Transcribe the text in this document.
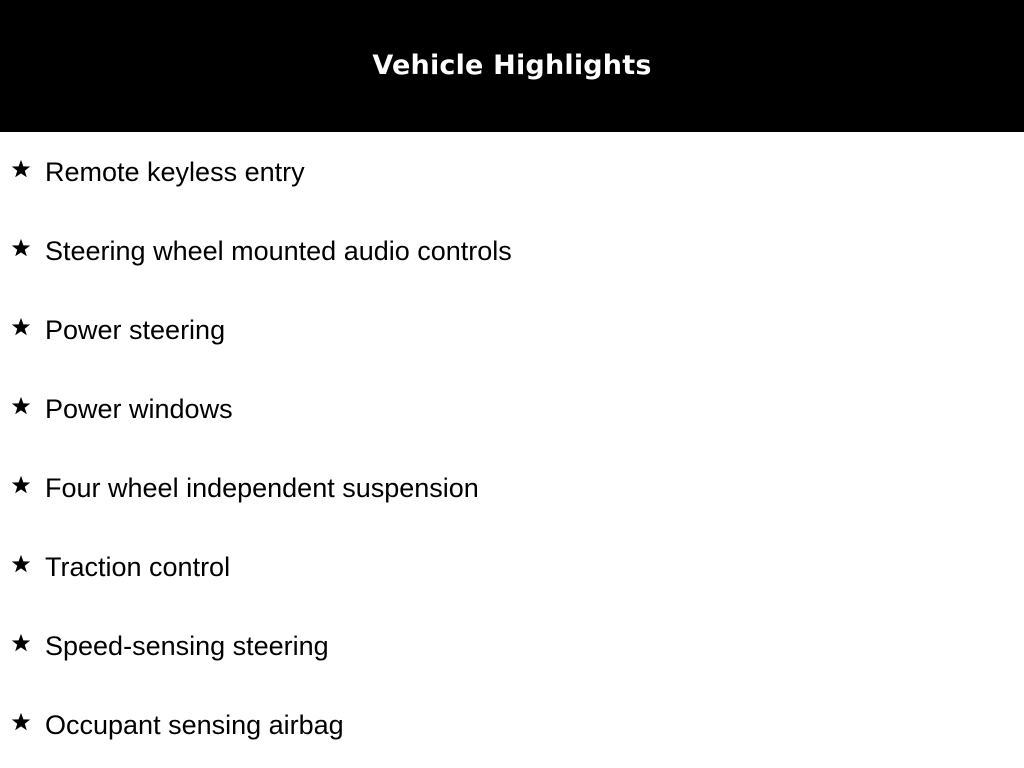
Vehicle Highlights
Remote keyless entry
Steering wheel mounted audio controls
Power steering
Power windows
Four wheel independent suspension
Traction control
Speed-sensing steering
Occupant sensing airbag
